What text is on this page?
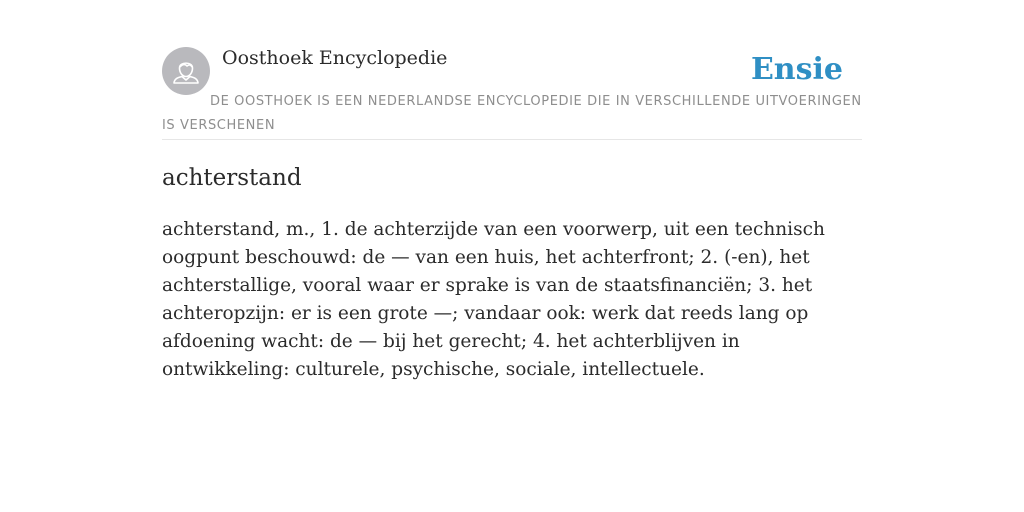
Oosthoek Encyclopedie	Ensie
DE OOSTHOEK IS EEN NEDERLANDSE ENCYCLOPEDIE DIE IN VERSCHILLENDE UITVOERINGEN IS VERSCHENEN
achterstand

achterstand, m., 1. de achterzijde van een voorwerp, uit een technisch oogpunt beschouwd: de — van een huis, het achterfront; 2. (-en), het achterstallige, vooral waar er sprake is van de staatsfinanciën; 3. het achteropzijn: er is een grote —; vandaar ook: werk dat reeds lang op afdoening wacht: de — bij het gerecht; 4. het achterblijven in ontwikkeling: culturele, psychische, sociale, intellectuele.
